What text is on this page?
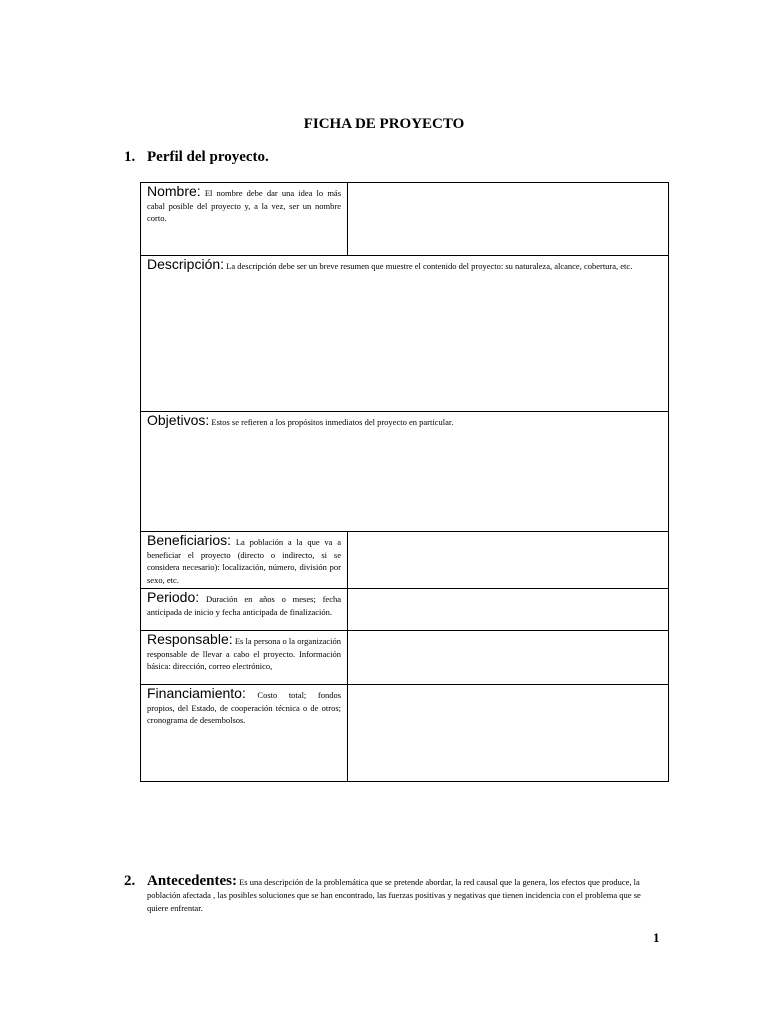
FICHA DE PROYECTO
1. Perfil del proyecto.
Nombre: El nombre debe dar una idea lo más cabal posible del proyecto y, a la vez, ser un nombre corto.	
Descripción: La descripción debe ser un breve resumen que muestre el contenido del proyecto: su naturaleza, alcance, cobertura, etc.	
Objetivos: Estos se refieren a los propósitos inmediatos del proyecto en particular.	
Beneficiarios: La población a la que va a beneficiar el proyecto (directo o indirecto, si se considera necesario): localización, número, división por sexo, etc.	
Periodo: Duración en años o meses; fecha anticipada de inicio y fecha anticipada de finalización.	
Responsable: Es la persona o la organización responsable de llevar a cabo el proyecto. Información básica: dirección, correo electrónico,	
Financiamiento: Costo total; fondos propios, del Estado, de cooperación técnica o de otros; cronograma de desembolsos.	
2. Antecedentes: Es una descripción de la problemática que se pretende abordar, la red causal que la genera, los efectos que produce, la población afectada , las posibles soluciones que se han encontrado, las fuerzas positivas y negativas que tienen incidencia con el problema que se quiere enfrentar.
1
